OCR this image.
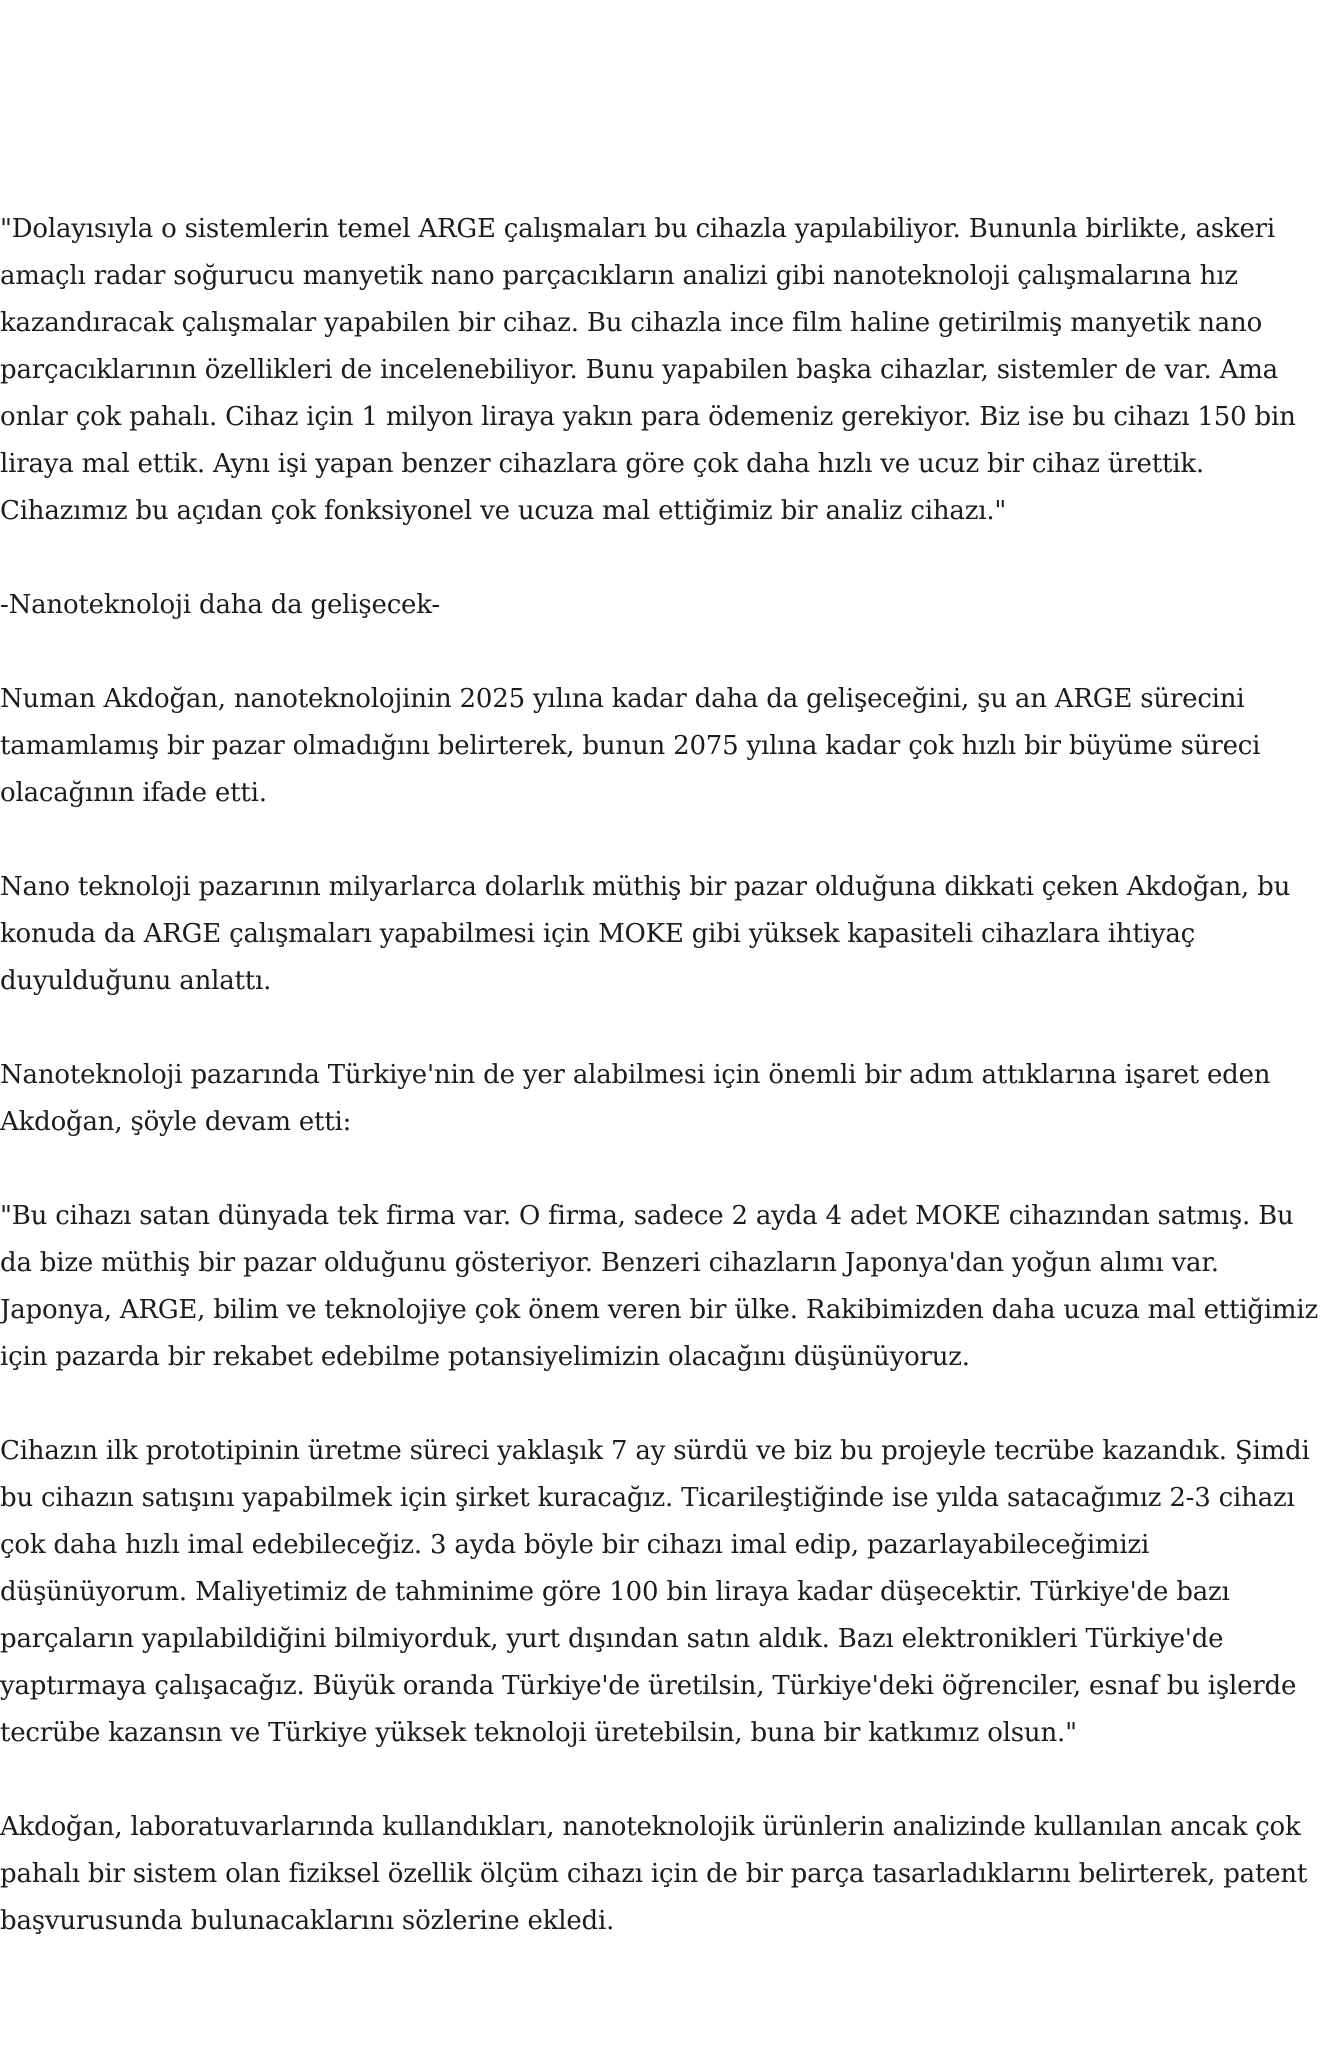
"Dolayısıyla o sistemlerin temel ARGE çalışmaları bu cihazla yapılabiliyor. Bununla birlikte, askeri amaçlı radar soğurucu manyetik nano parçacıkların analizi gibi nanoteknoloji çalışmalarına hız kazandıracak çalışmalar yapabilen bir cihaz. Bu cihazla ince film haline getirilmiş manyetik nano parçacıklarının özellikleri de incelenebiliyor. Bunu yapabilen başka cihazlar, sistemler de var. Ama onlar çok pahalı. Cihaz için 1 milyon liraya yakın para ödemeniz gerekiyor. Biz ise bu cihazı 150 bin liraya mal ettik. Aynı işi yapan benzer cihazlara göre çok daha hızlı ve ucuz bir cihaz ürettik. Cihazımız bu açıdan çok fonksiyonel ve ucuza mal ettiğimiz bir analiz cihazı."

-Nanoteknoloji daha da gelişecek-

Numan Akdoğan, nanoteknolojinin 2025 yılına kadar daha da gelişeceğini, şu an ARGE sürecini tamamlamış bir pazar olmadığını belirterek, bunun 2075 yılına kadar çok hızlı bir büyüme süreci olacağının ifade etti.

Nano teknoloji pazarının milyarlarca dolarlık müthiş bir pazar olduğuna dikkati çeken Akdoğan, bu konuda da ARGE çalışmaları yapabilmesi için MOKE gibi yüksek kapasiteli cihazlara ihtiyaç duyulduğunu anlattı.

Nanoteknoloji pazarında Türkiye'nin de yer alabilmesi için önemli bir adım attıklarına işaret eden Akdoğan, şöyle devam etti:

"Bu cihazı satan dünyada tek firma var. O firma, sadece 2 ayda 4 adet MOKE cihazından satmış. Bu da bize müthiş bir pazar olduğunu gösteriyor. Benzeri cihazların Japonya'dan yoğun alımı var. Japonya, ARGE, bilim ve teknolojiye çok önem veren bir ülke. Rakibimizden daha ucuza mal ettiğimiz için pazarda bir rekabet edebilme potansiyelimizin olacağını düşünüyoruz.

Cihazın ilk prototipinin üretme süreci yaklaşık 7 ay sürdü ve biz bu projeyle tecrübe kazandık. Şimdi bu cihazın satışını yapabilmek için şirket kuracağız. Ticarileştiğinde ise yılda satacağımız 2-3 cihazı çok daha hızlı imal edebileceğiz. 3 ayda böyle bir cihazı imal edip, pazarlayabileceğimizi düşünüyorum. Maliyetimiz de tahminime göre 100 bin liraya kadar düşecektir. Türkiye'de bazı parçaların yapılabildiğini bilmiyorduk, yurt dışından satın aldık. Bazı elektronikleri Türkiye'de yaptırmaya çalışacağız. Büyük oranda Türkiye'de üretilsin, Türkiye'deki öğrenciler, esnaf bu işlerde tecrübe kazansın ve Türkiye yüksek teknoloji üretebilsin, buna bir katkımız olsun."

Akdoğan, laboratuvarlarında kullandıkları, nanoteknolojik ürünlerin analizinde kullanılan ancak çok pahalı bir sistem olan fiziksel özellik ölçüm cihazı için de bir parça tasarladıklarını belirterek, patent başvurusunda bulunacaklarını sözlerine ekledi.
